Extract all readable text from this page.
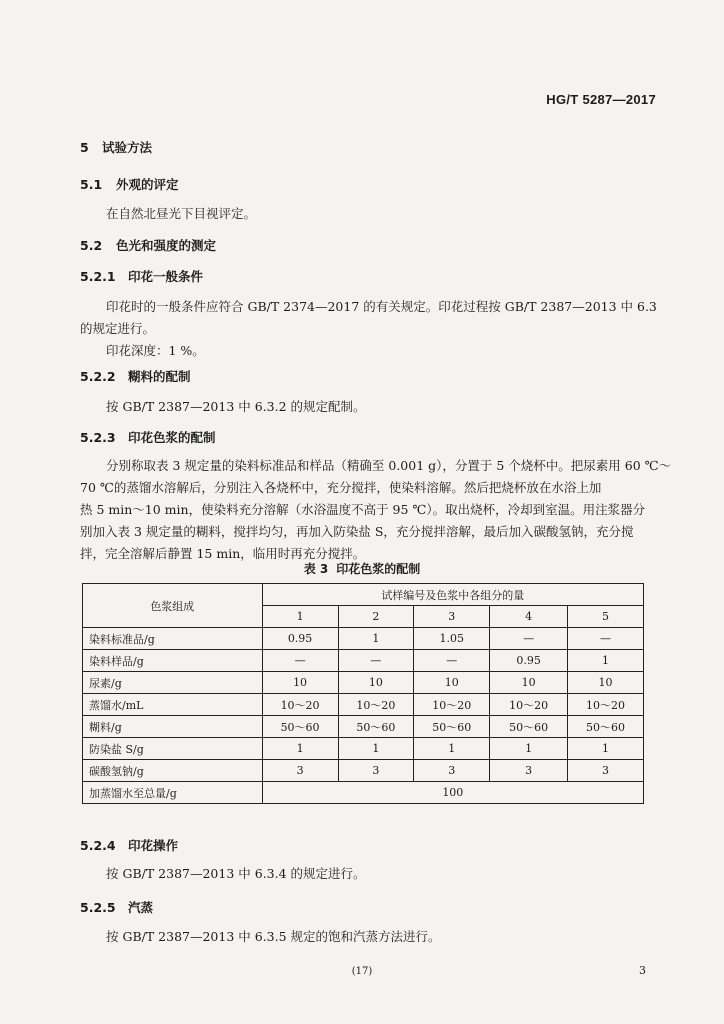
HG/T 5287—2017
5 试验方法
5.1 外观的评定
在自然北昼光下目视评定。
5.2 色光和强度的测定
5.2.1 印花一般条件
印花时的一般条件应符合 GB/T 2374—2017 的有关规定。印花过程按 GB/T 2387—2013 中 6.3
的规定进行。
印花深度：1 %。
5.2.2 糊料的配制
按 GB/T 2387—2013 中 6.3.2 的规定配制。
5.2.3 印花色浆的配制
分别称取表 3 规定量的染料标准品和样品（精确至 0.001 g），分置于 5 个烧杯中。把尿素用 60 ℃～
70 ℃的蒸馏水溶解后，分别注入各烧杯中，充分搅拌，使染料溶解。然后把烧杯放在水浴上加
热 5 min～10 min，使染料充分溶解（水浴温度不高于 95 ℃）。取出烧杯，冷却到室温。用注浆器分
别加入表 3 规定量的糊料，搅拌均匀，再加入防染盐 S，充分搅拌溶解，最后加入碳酸氢钠，充分搅
拌，完全溶解后静置 15 min，临用时再充分搅拌。
表 3 印花色浆的配制
色浆组成	试样编号及色浆中各组分的量				
	1	2	3	4	5
染料标准品/g	0.95	1	1.05	—	—
染料样品/g	—	—	—	0.95	1
尿素/g	10	10	10	10	10
蒸馏水/mL	10～20	10～20	10～20	10～20	10～20
糊料/g	50～60	50～60	50～60	50～60	50～60
防染盐 S/g	1	1	1	1	1
碳酸氢钠/g	3	3	3	3	3
加蒸馏水至总量/g	100				
5.2.4 印花操作
按 GB/T 2387—2013 中 6.3.4 的规定进行。
5.2.5 汽蒸
按 GB/T 2387—2013 中 6.3.5 规定的饱和汽蒸方法进行。
(17)	3
